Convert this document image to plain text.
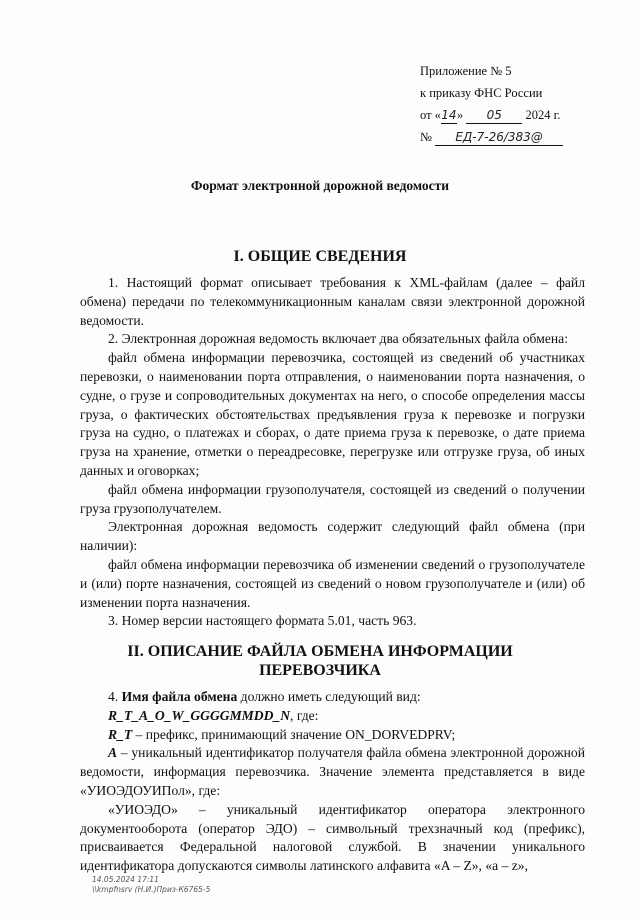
Приложение № 5
к приказу ФНС России
от «14» 05 2024 г.
№ ЕД-7-26/383@
Формат электронной дорожной ведомости
I. ОБЩИЕ СВЕДЕНИЯ

1. Настоящий формат описывает требования к XML-файлам (далее – файл обмена) передачи по телекоммуникационным каналам связи электронной дорожной ведомости.

2. Электронная дорожная ведомость включает два обязательных файла обмена:

файл обмена информации перевозчика, состоящей из сведений об участниках перевозки, о наименовании порта отправления, о наименовании порта назначения, о судне, о грузе и сопроводительных документах на него, о способе определения массы груза, о фактических обстоятельствах предъявления груза к перевозке и погрузки груза на судно, о платежах и сборах, о дате приема груза к перевозке, о дате приема груза на хранение, отметки о переадресовке, перегрузке или отгрузке груза, об иных данных и оговорках;

файл обмена информации грузополучателя, состоящей из сведений о получении груза грузополучателем.

Электронная дорожная ведомость содержит следующий файл обмена (при наличии):

файл обмена информации перевозчика об изменении сведений о грузополучателе и (или) порте назначения, состоящей из сведений о новом грузополучателе и (или) об изменении порта назначения.

3. Номер версии настоящего формата 5.01, часть 963.

II. ОПИСАНИЕ ФАЙЛА ОБМЕНА ИНФОРМАЦИИ
ПЕРЕВОЗЧИКА

4. Имя файла обмена должно иметь следующий вид:

R_T_A_O_W_GGGGMMDD_N, где:

R_T – префикс, принимающий значение ON_DORVEDPRV;

A – уникальный идентификатор получателя файла обмена электронной дорожной ведомости, информация перевозчика. Значение элемента представляется в виде «УИОЭДОУИПол», где:

«УИОЭДО» – уникальный идентификатор оператора электронного документооборота (оператор ЭДО) – символьный трехзначный код (префикс), присваивается Федеральной налоговой службой. В значении уникального идентификатора допускаются символы латинского алфавита «A – Z», «a – z»,

14.05.2024 17:11
\\kmpfnsrv (H.И.)Приз-К6765-5
